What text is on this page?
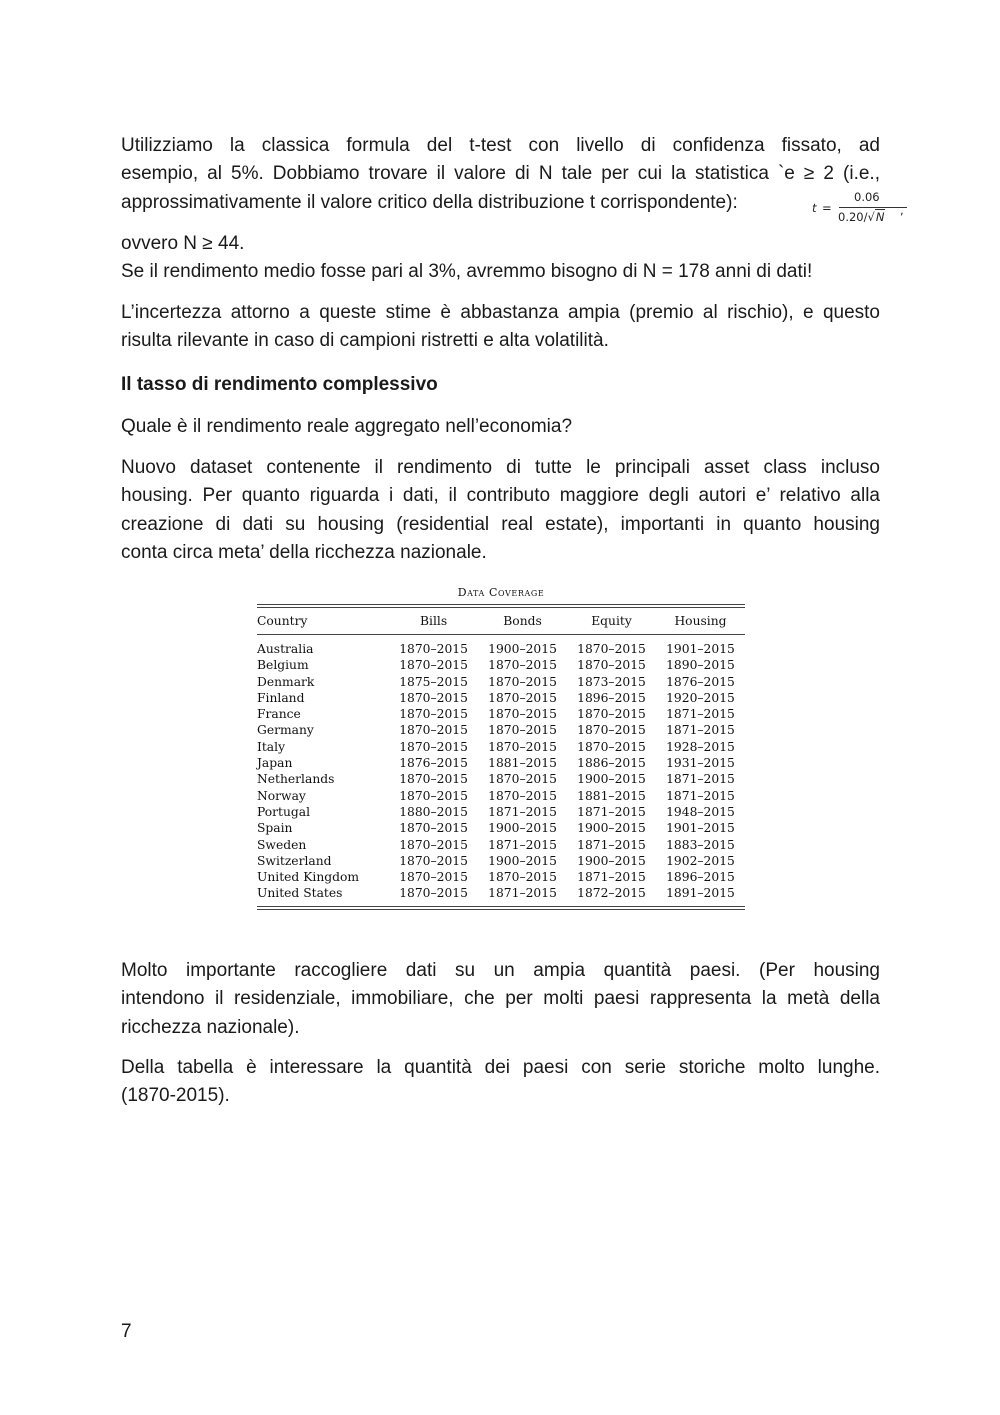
Utilizziamo la classica formula del t-test con livello di confidenza fissato, ad
esempio, al 5%. Dobbiamo trovare il valore di N tale per cui la statistica `e ≥ 2 (i.e.,
approssimativamente il valore critico della distribuzione t corrispondente):	t =
0.06
0.20/√N ,

ovvero N ≥ 44.
Se il rendimento medio fosse pari al 3%, avremmo bisogno di N = 178 anni di dati!

L’incertezza attorno a queste stime è abbastanza ampia (premio al rischio), e questo
risulta rilevante in caso di campioni ristretti e alta volatilità.

Il tasso di rendimento complessivo

Quale è il rendimento reale aggregato nell’economia?

Nuovo dataset contenente il rendimento di tutte le principali asset class incluso
housing. Per quanto riguarda i dati, il contributo maggiore degli autori e’ relativo alla
creazione di dati su housing (residential real estate), importanti in quanto housing
conta circa meta’ della ricchezza nazionale.

Data Coverage
Country	Bills	Bonds	Equity	Housing

Australia	1870–2015	1900–2015	1870–2015	1901–2015
Belgium	1870–2015	1870–2015	1870–2015	1890–2015
Denmark	1875–2015	1870–2015	1873–2015	1876–2015
Finland	1870–2015	1870–2015	1896–2015	1920–2015
France	1870–2015	1870–2015	1870–2015	1871–2015
Germany	1870–2015	1870–2015	1870–2015	1871–2015
Italy	1870–2015	1870–2015	1870–2015	1928–2015
Japan	1876–2015	1881–2015	1886–2015	1931–2015
Netherlands	1870–2015	1870–2015	1900–2015	1871–2015
Norway	1870–2015	1870–2015	1881–2015	1871–2015
Portugal	1880–2015	1871–2015	1871–2015	1948–2015
Spain	1870–2015	1900–2015	1900–2015	1901–2015
Sweden	1870–2015	1871–2015	1871–2015	1883–2015
Switzerland	1870–2015	1900–2015	1900–2015	1902–2015
United Kingdom	1870–2015	1870–2015	1871–2015	1896–2015
United States	1870–2015	1871–2015	1872–2015	1891–2015

Molto importante raccogliere dati su un ampia quantità paesi. (Per housing
intendono il residenziale, immobiliare, che per molti paesi rappresenta la metà della
ricchezza nazionale).

Della tabella è interessare la quantità dei paesi con serie storiche molto lunghe.
(1870-2015).

7
